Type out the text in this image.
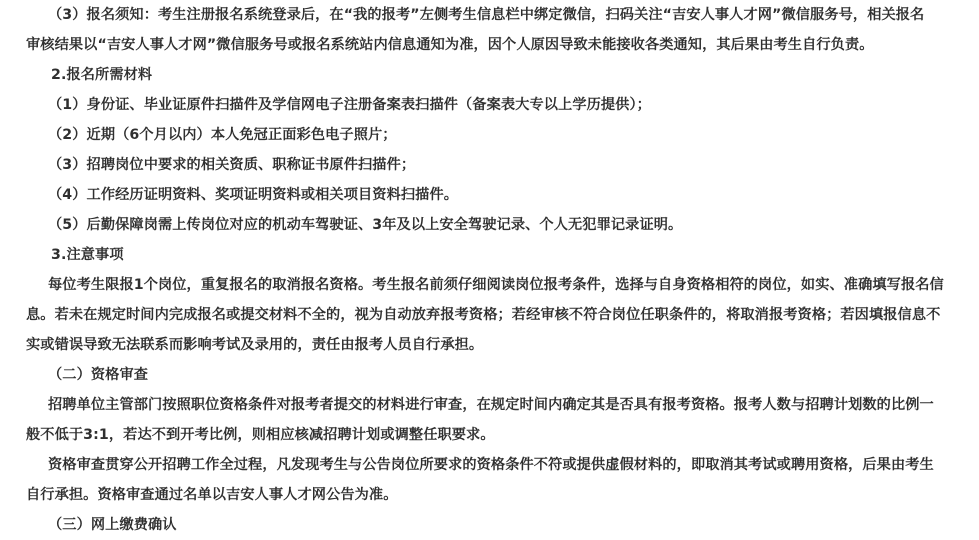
（3）报名须知：考生注册报名系统登录后，在“我的报考”左侧考生信息栏中绑定微信，扫码关注“吉安人事人才网”微信服务号，相关报名
审核结果以“吉安人事人才网”微信服务号或报名系统站内信息通知为准，因个人原因导致未能接收各类通知，其后果由考生自行负责。
2.报名所需材料
（1）身份证、毕业证原件扫描件及学信网电子注册备案表扫描件（备案表大专以上学历提供）；
（2）近期（6个月以内）本人免冠正面彩色电子照片；
（3）招聘岗位中要求的相关资质、职称证书原件扫描件；
（4）工作经历证明资料、奖项证明资料或相关项目资料扫描件。
（5）后勤保障岗需上传岗位对应的机动车驾驶证、3年及以上安全驾驶记录、个人无犯罪记录证明。
3.注意事项
每位考生限报1个岗位，重复报名的取消报名资格。考生报名前须仔细阅读岗位报考条件，选择与自身资格相符的岗位，如实、准确填写报名信
息。若未在规定时间内完成报名或提交材料不全的，视为自动放弃报考资格；若经审核不符合岗位任职条件的，将取消报考资格；若因填报信息不
实或错误导致无法联系而影响考试及录用的，责任由报考人员自行承担。
（二）资格审查
招聘单位主管部门按照职位资格条件对报考者提交的材料进行审查，在规定时间内确定其是否具有报考资格。报考人数与招聘计划数的比例一
般不低于3:1，若达不到开考比例，则相应核减招聘计划或调整任职要求。
资格审查贯穿公开招聘工作全过程，凡发现考生与公告岗位所要求的资格条件不符或提供虚假材料的，即取消其考试或聘用资格，后果由考生
自行承担。资格审查通过名单以吉安人事人才网公告为准。
（三）网上缴费确认
